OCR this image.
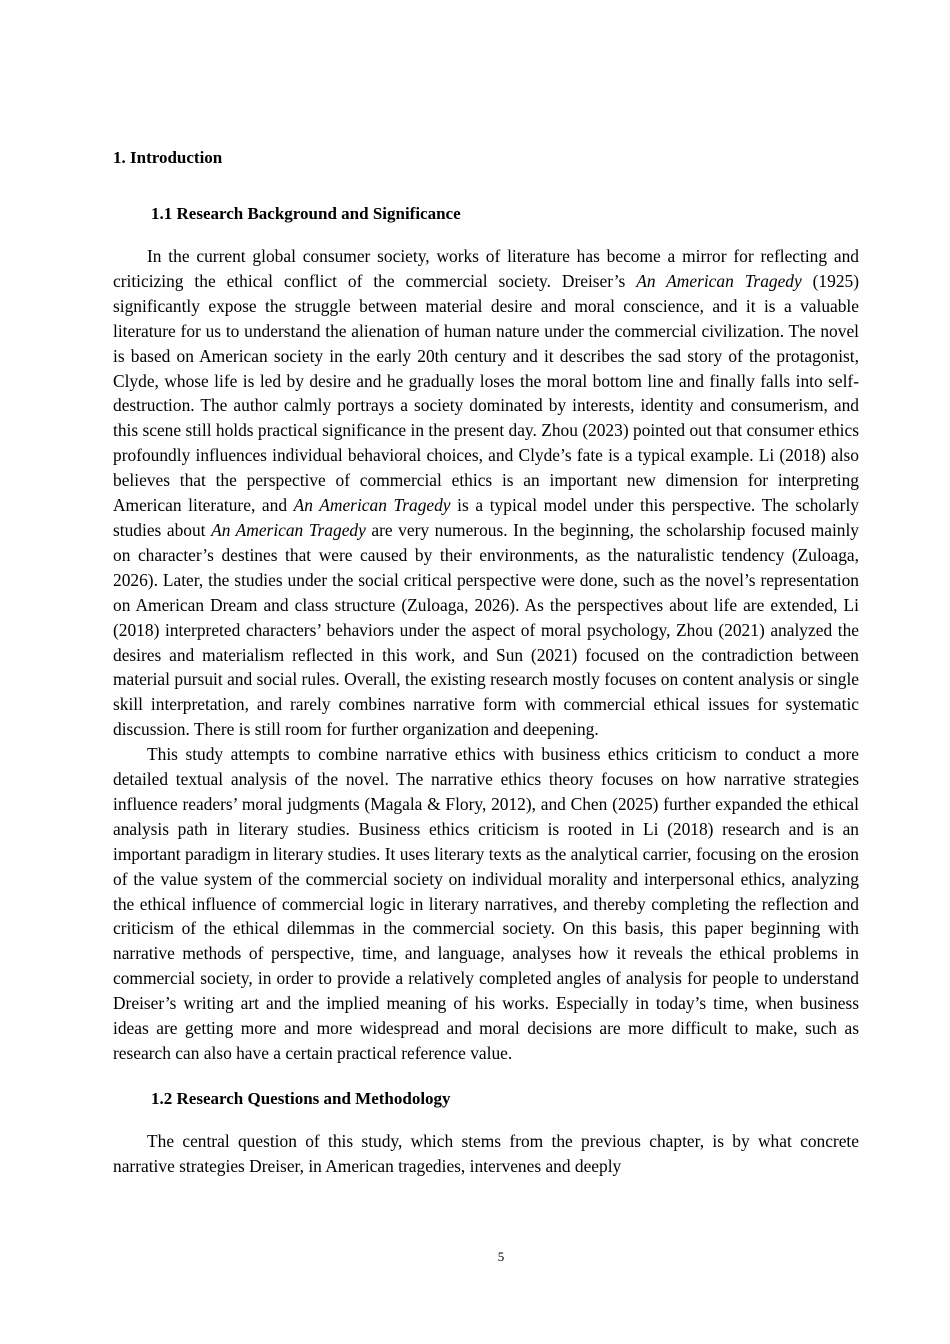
1. Introduction
1.1 Research Background and Significance

In the current global consumer society, works of literature has become a mirror for reflecting and criticizing the ethical conflict of the commercial society. Dreiser’s An American Tragedy (1925) significantly expose the struggle between material desire and moral conscience, and it is a valuable literature for us to understand the alienation of human nature under the commercial civilization. The novel is based on American society in the early 20th century and it describes the sad story of the protagonist, Clyde, whose life is led by desire and he gradually loses the moral bottom line and finally falls into self-destruction. The author calmly portrays a society dominated by interests, identity and consumerism, and this scene still holds practical significance in the present day. Zhou (2023) pointed out that consumer ethics profoundly influences individual behavioral choices, and Clyde’s fate is a typical example. Li (2018) also believes that the perspective of commercial ethics is an important new dimension for interpreting American literature, and An American Tragedy is a typical model under this perspective. The scholarly studies about An American Tragedy are very numerous. In the beginning, the scholarship focused mainly on character’s destines that were caused by their environments, as the naturalistic tendency (Zuloaga, 2026). Later, the studies under the social critical perspective were done, such as the novel’s representation on American Dream and class structure (Zuloaga, 2026). As the perspectives about life are extended, Li (2018) interpreted characters’ behaviors under the aspect of moral psychology, Zhou (2021) analyzed the desires and materialism reflected in this work, and Sun (2021) focused on the contradiction between material pursuit and social rules. Overall, the existing research mostly focuses on content analysis or single skill interpretation, and rarely combines narrative form with commercial ethical issues for systematic discussion. There is still room for further organization and deepening.

This study attempts to combine narrative ethics with business ethics criticism to conduct a more detailed textual analysis of the novel. The narrative ethics theory focuses on how narrative strategies influence readers’ moral judgments (Magala & Flory, 2012), and Chen (2025) further expanded the ethical analysis path in literary studies. Business ethics criticism is rooted in Li (2018) research and is an important paradigm in literary studies. It uses literary texts as the analytical carrier, focusing on the erosion of the value system of the commercial society on individual morality and interpersonal ethics, analyzing the ethical influence of commercial logic in literary narratives, and thereby completing the reflection and criticism of the ethical dilemmas in the commercial society. On this basis, this paper beginning with narrative methods of perspective, time, and language, analyses how it reveals the ethical problems in commercial society, in order to provide a relatively completed angles of analysis for people to understand Dreiser’s writing art and the implied meaning of his works. Especially in today’s time, when business ideas are getting more and more widespread and moral decisions are more difficult to make, such as research can also have a certain practical reference value.

1.2 Research Questions and Methodology

The central question of this study, which stems from the previous chapter, is by what concrete narrative strategies Dreiser, in American tragedies, intervenes and deeply

5
